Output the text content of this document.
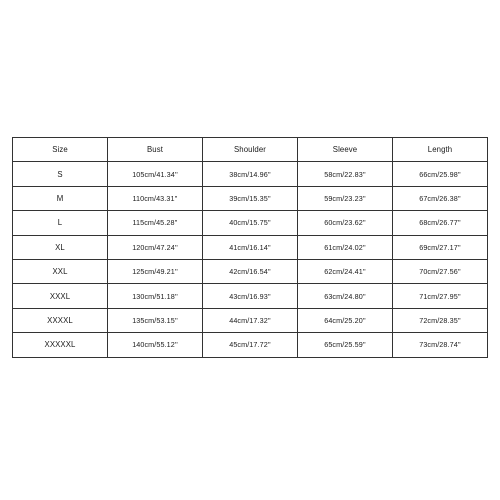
Size	Bust	Shoulder	Sleeve	Length
S	105cm/41.34''	38cm/14.96''	58cm/22.83''	66cm/25.98''
M	110cm/43.31''	39cm/15.35''	59cm/23.23''	67cm/26.38''
L	115cm/45.28''	40cm/15.75''	60cm/23.62''	68cm/26.77''
XL	120cm/47.24''	41cm/16.14''	61cm/24.02''	69cm/27.17''
XXL	125cm/49.21''	42cm/16.54''	62cm/24.41''	70cm/27.56''
XXXL	130cm/51.18''	43cm/16.93''	63cm/24.80''	71cm/27.95''
XXXXL	135cm/53.15''	44cm/17.32''	64cm/25.20''	72cm/28.35''
XXXXXL	140cm/55.12''	45cm/17.72''	65cm/25.59''	73cm/28.74''
